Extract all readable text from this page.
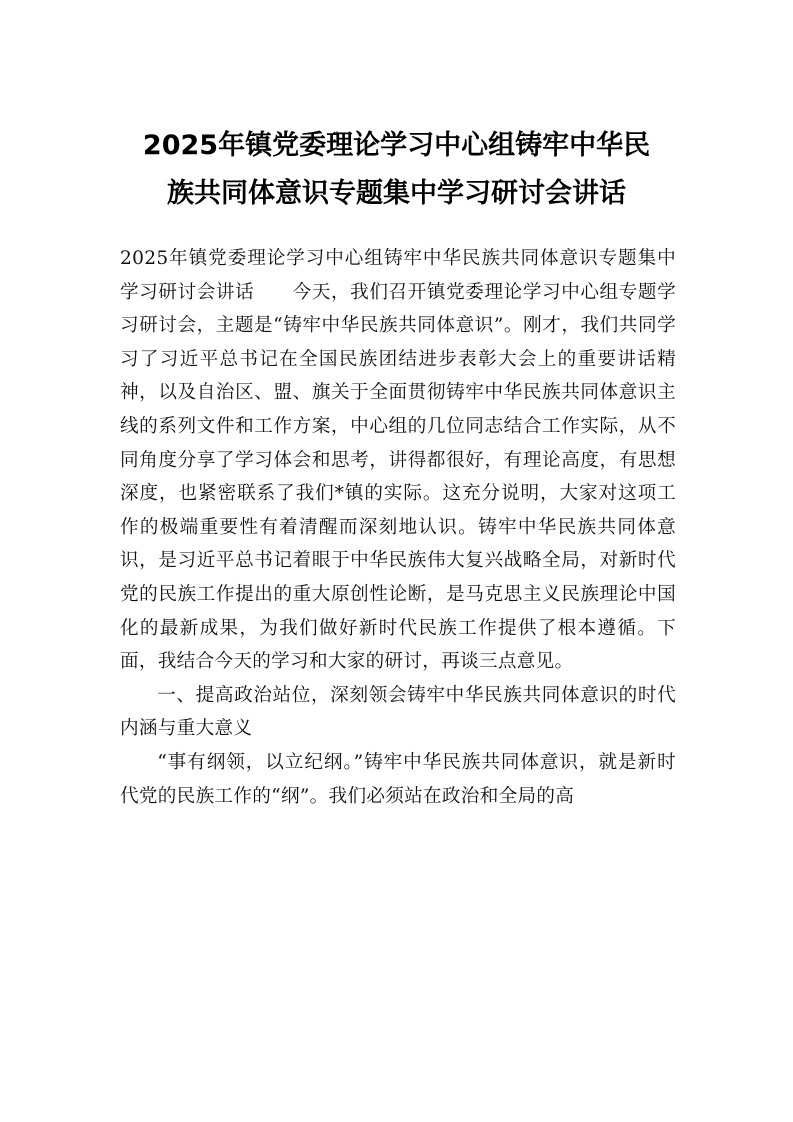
2025年镇党委理论学习中心组铸牢中华民
族共同体意识专题集中学习研讨会讲话

2025年镇党委理论学习中心组铸牢中华民族共同体意识专题集中学习研讨会讲话　　今天，我们召开镇党委理论学习中心组专题学习研讨会，主题是“铸牢中华民族共同体意识”。刚才，我们共同学习了习近平总书记在全国民族团结进步表彰大会上的重要讲话精神，以及自治区、盟、旗关于全面贯彻铸牢中华民族共同体意识主线的系列文件和工作方案，中心组的几位同志结合工作实际，从不同角度分享了学习体会和思考，讲得都很好，有理论高度，有思想深度，也紧密联系了我们*镇的实际。这充分说明，大家对这项工作的极端重要性有着清醒而深刻地认识。铸牢中华民族共同体意识，是习近平总书记着眼于中华民族伟大复兴战略全局，对新时代党的民族工作提出的重大原创性论断，是马克思主义民族理论中国化的最新成果，为我们做好新时代民族工作提供了根本遵循。下面，我结合今天的学习和大家的研讨，再谈三点意见。

一、提高政治站位，深刻领会铸牢中华民族共同体意识的时代内涵与重大意义

“事有纲领，以立纪纲。”铸牢中华民族共同体意识，就是新时代党的民族工作的“纲”。我们必须站在政治和全局的高
